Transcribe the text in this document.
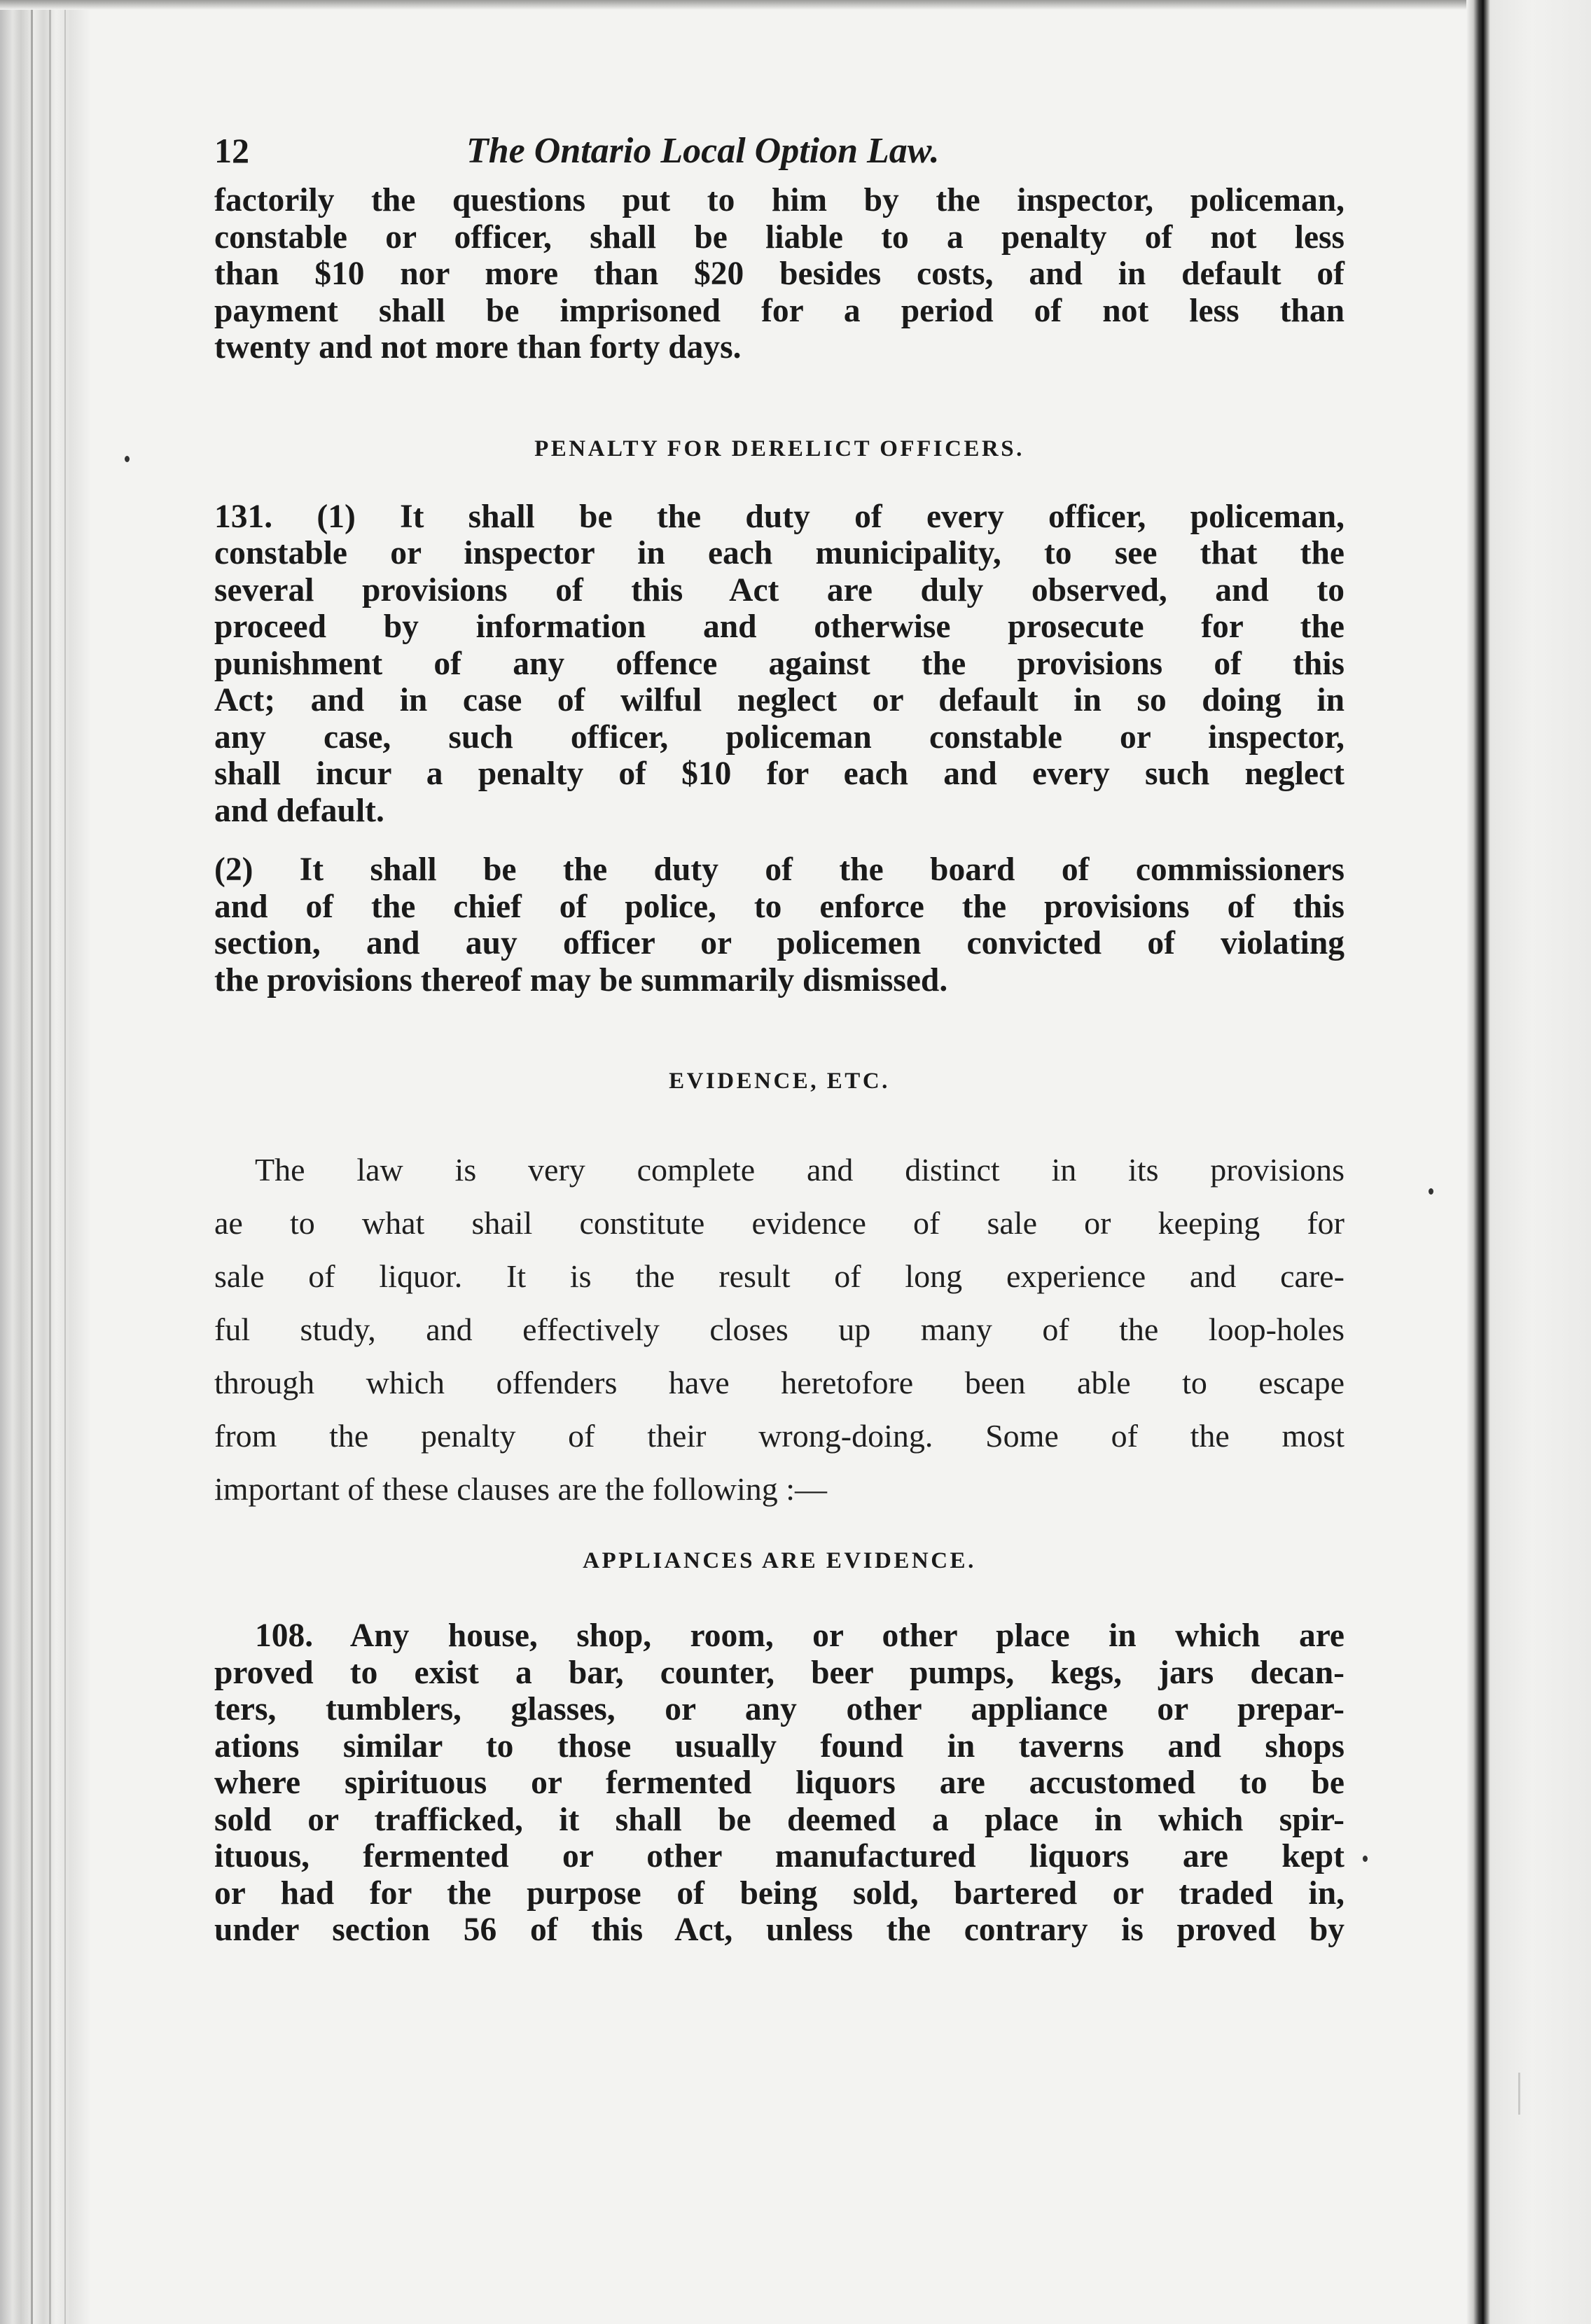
12	The Ontario Local Option Law.

factorily the questions put to him by the inspector, policeman,
constable or officer, shall be liable to a penalty of not less
than $10 nor more than $20 besides costs, and in default of
payment shall be imprisoned for a period of not less than
twenty and not more than forty days.

PENALTY FOR DERELICT OFFICERS.

131. (1) It shall be the duty of every officer, policeman,
constable or inspector in each municipality, to see that the
several provisions of this Act are duly observed, and to
proceed by information and otherwise prosecute for the
punishment of any offence against the provisions of this
Act; and in case of wilful neglect or default in so doing in
any case, such officer, policeman constable or inspector,
shall incur a penalty of $10 for each and every such neglect
and default.

(2) It shall be the duty of the board of commissioners
and of the chief of police, to enforce the provisions of this
section, and auy officer or policemen convicted of violating
the provisions thereof may be summarily dismissed.

EVIDENCE, ETC.

The law is very complete and distinct in its provisions
ae to what shail constitute evidence of sale or keeping for
sale of liquor. It is the result of long experience and care-
ful study, and effectively closes up many of the loop-holes
through which offenders have heretofore been able to escape
from the penalty of their wrong-doing. Some of the most
important of these clauses are the following :—

APPLIANCES ARE EVIDENCE.

108. Any house, shop, room, or other place in which are
proved to exist a bar, counter, beer pumps, kegs, jars decan-
ters, tumblers, glasses, or any other appliance or prepar-
ations similar to those usually found in taverns and shops
where spirituous or fermented liquors are accustomed to be
sold or trafficked, it shall be deemed a place in which spir-
ituous, fermented or other manufactured liquors are kept
or had for the purpose of being sold, bartered or traded in,
under section 56 of this Act, unless the contrary is proved by
